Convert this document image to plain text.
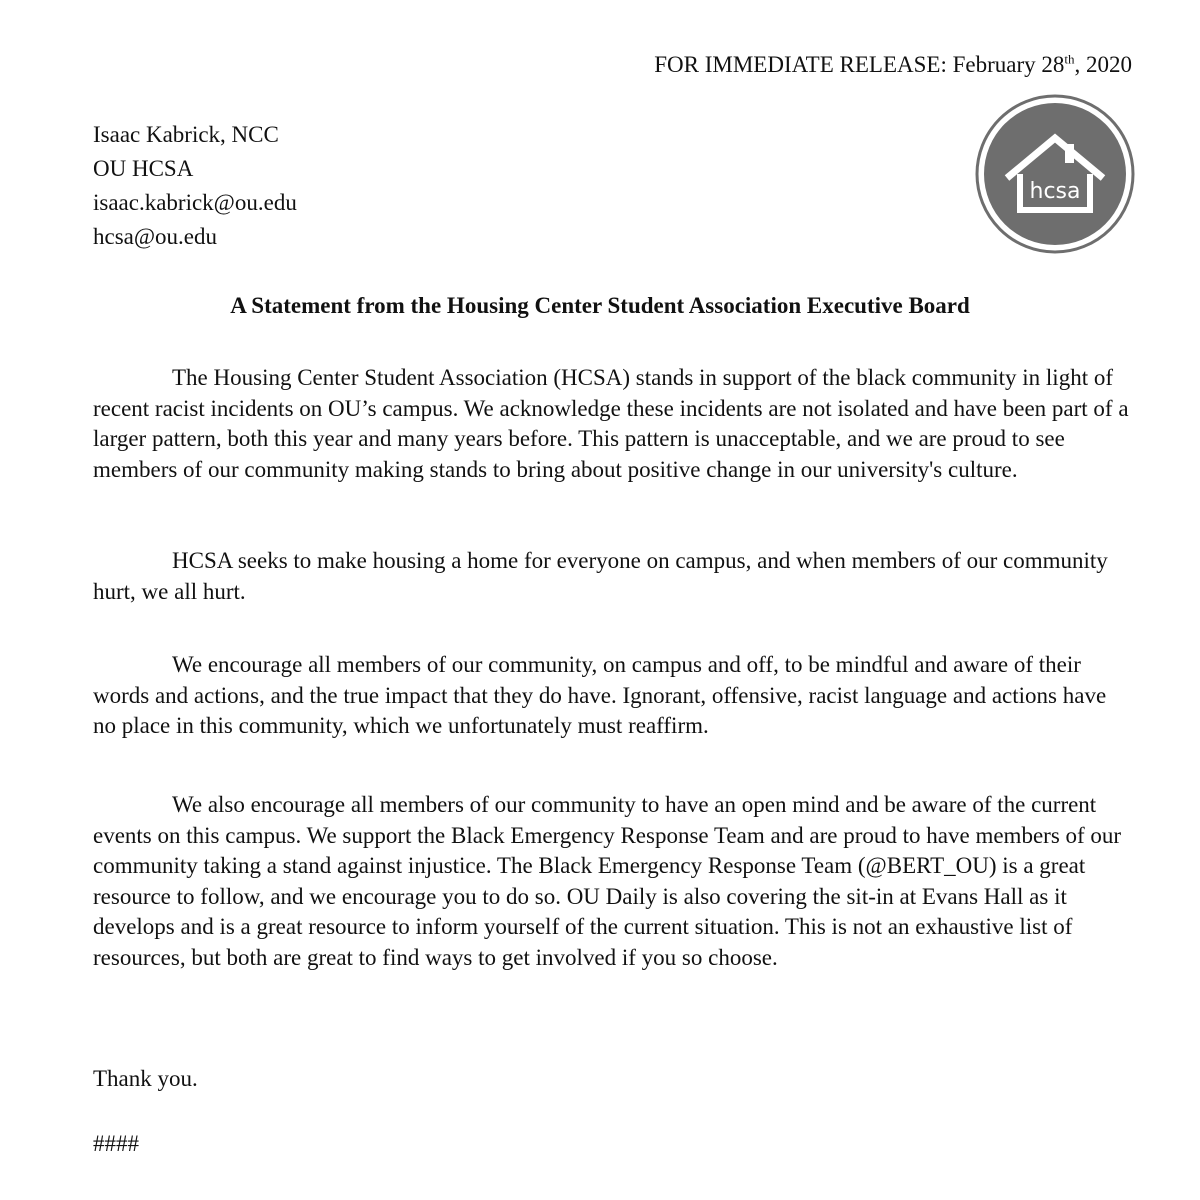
FOR IMMEDIATE RELEASE: February 28th, 2020
Isaac Kabrick, NCC
OU HCSA
isaac.kabrick@ou.edu
hcsa@ou.edu
hcsa
A Statement from the Housing Center Student Association Executive Board
The Housing Center Student Association (HCSA) stands in support of the black community in light of recent racist incidents on OU’s campus. We acknowledge these incidents are not isolated and have been part of a larger pattern, both this year and many years before. This pattern is unacceptable, and we are proud to see members of our community making stands to bring about positive change in our university's culture.
HCSA seeks to make housing a home for everyone on campus, and when members of our community hurt, we all hurt.
We encourage all members of our community, on campus and off, to be mindful and aware of their words and actions, and the true impact that they do have. Ignorant, offensive, racist language and actions have no place in this community, which we unfortunately must reaffirm.
We also encourage all members of our community to have an open mind and be aware of the current events on this campus. We support the Black Emergency Response Team and are proud to have members of our community taking a stand against injustice. The Black Emergency Response Team (@BERT_OU) is a great resource to follow, and we encourage you to do so. OU Daily is also covering the sit-in at Evans Hall as it develops and is a great resource to inform yourself of the current situation. This is not an exhaustive list of resources, but both are great to find ways to get involved if you so choose.
Thank you.
####
